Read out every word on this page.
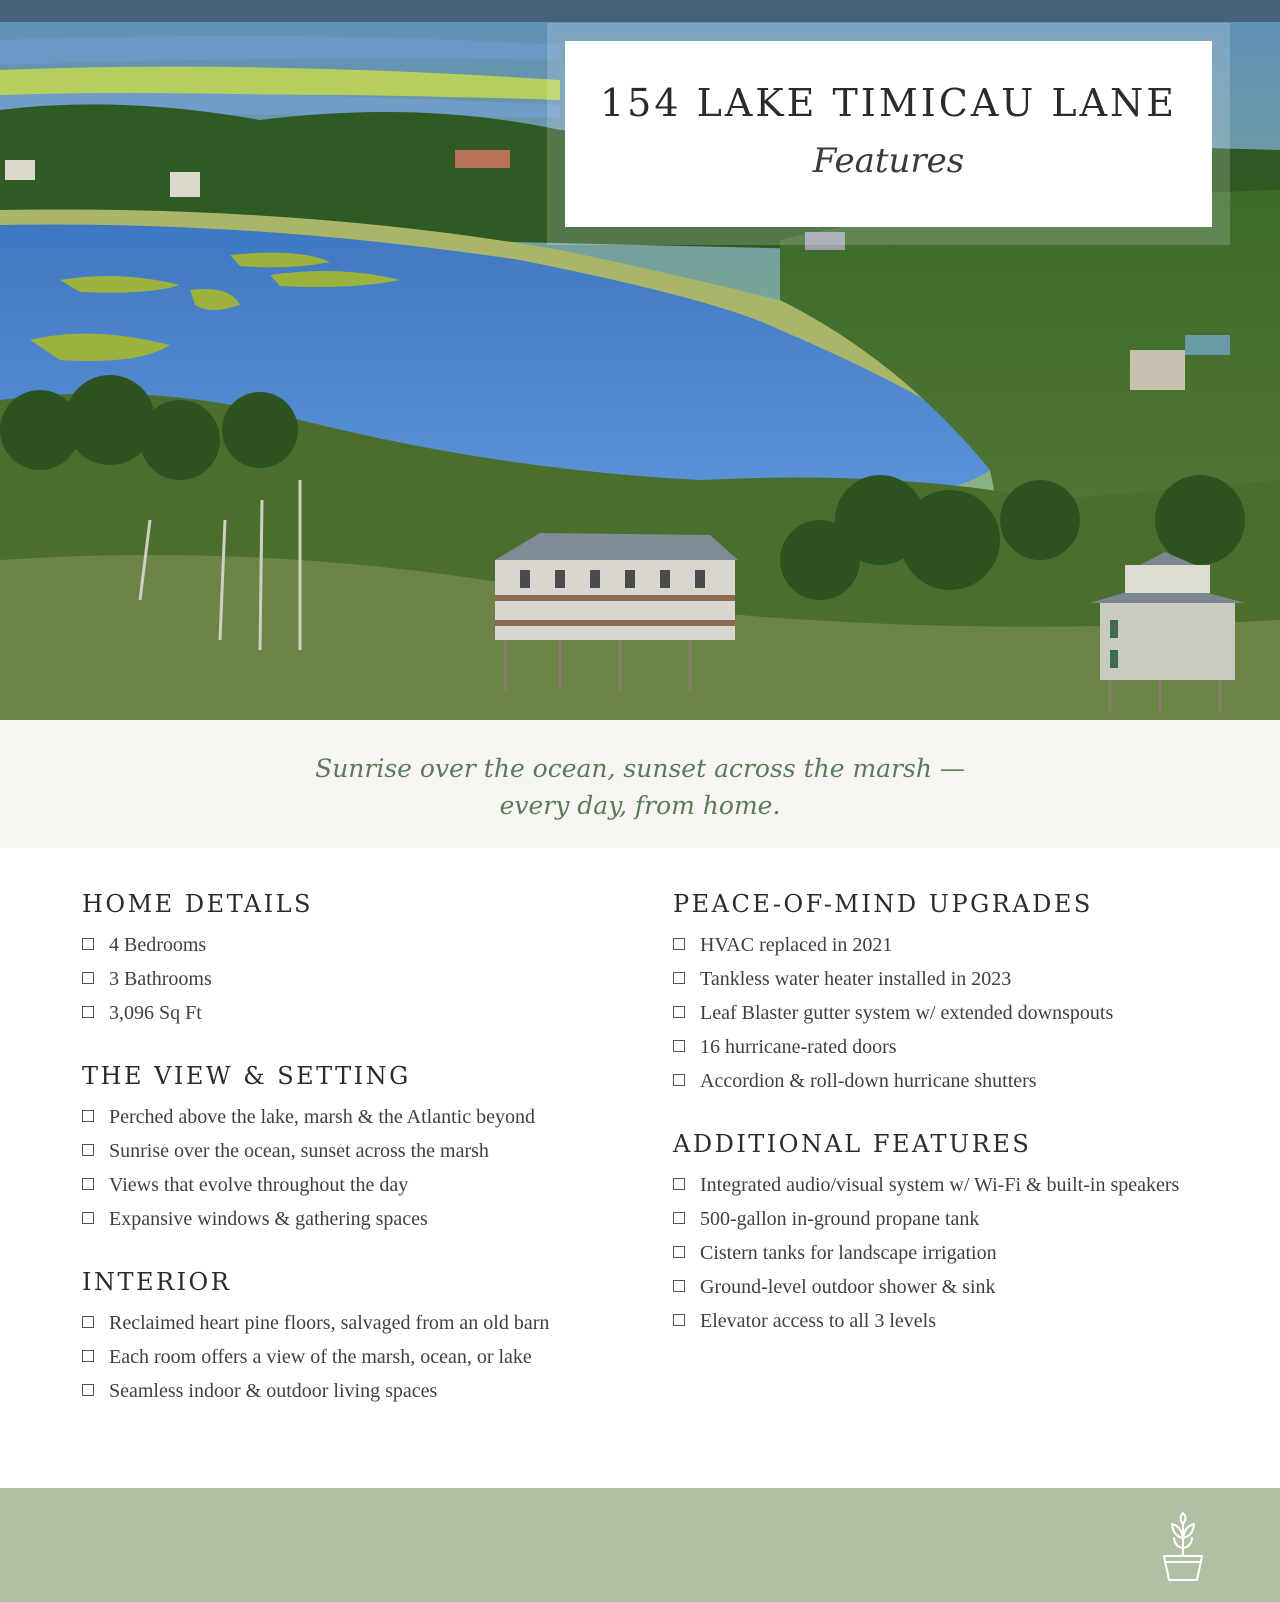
154 LAKE TIMICAU LANE
Features

Sunrise over the ocean, sunset across the marsh —
every day, from home.

HOME DETAILS
4 Bedrooms
3 Bathrooms
3,096 Sq Ft
THE VIEW & SETTING
Perched above the lake, marsh & the Atlantic beyond
Sunrise over the ocean, sunset across the marsh
Views that evolve throughout the day
Expansive windows & gathering spaces
INTERIOR
Reclaimed heart pine floors, salvaged from an old barn
Each room offers a view of the marsh, ocean, or lake
Seamless indoor & outdoor living spaces
PEACE-OF-MIND UPGRADES
HVAC replaced in 2021
Tankless water heater installed in 2023
Leaf Blaster gutter system w/ extended downspouts
16 hurricane-rated doors
Accordion & roll-down hurricane shutters
ADDITIONAL FEATURES
Integrated audio/visual system w/ Wi-Fi & built-in speakers
500-gallon in-ground propane tank
Cistern tanks for landscape irrigation
Ground-level outdoor shower & sink
Elevator access to all 3 levels
